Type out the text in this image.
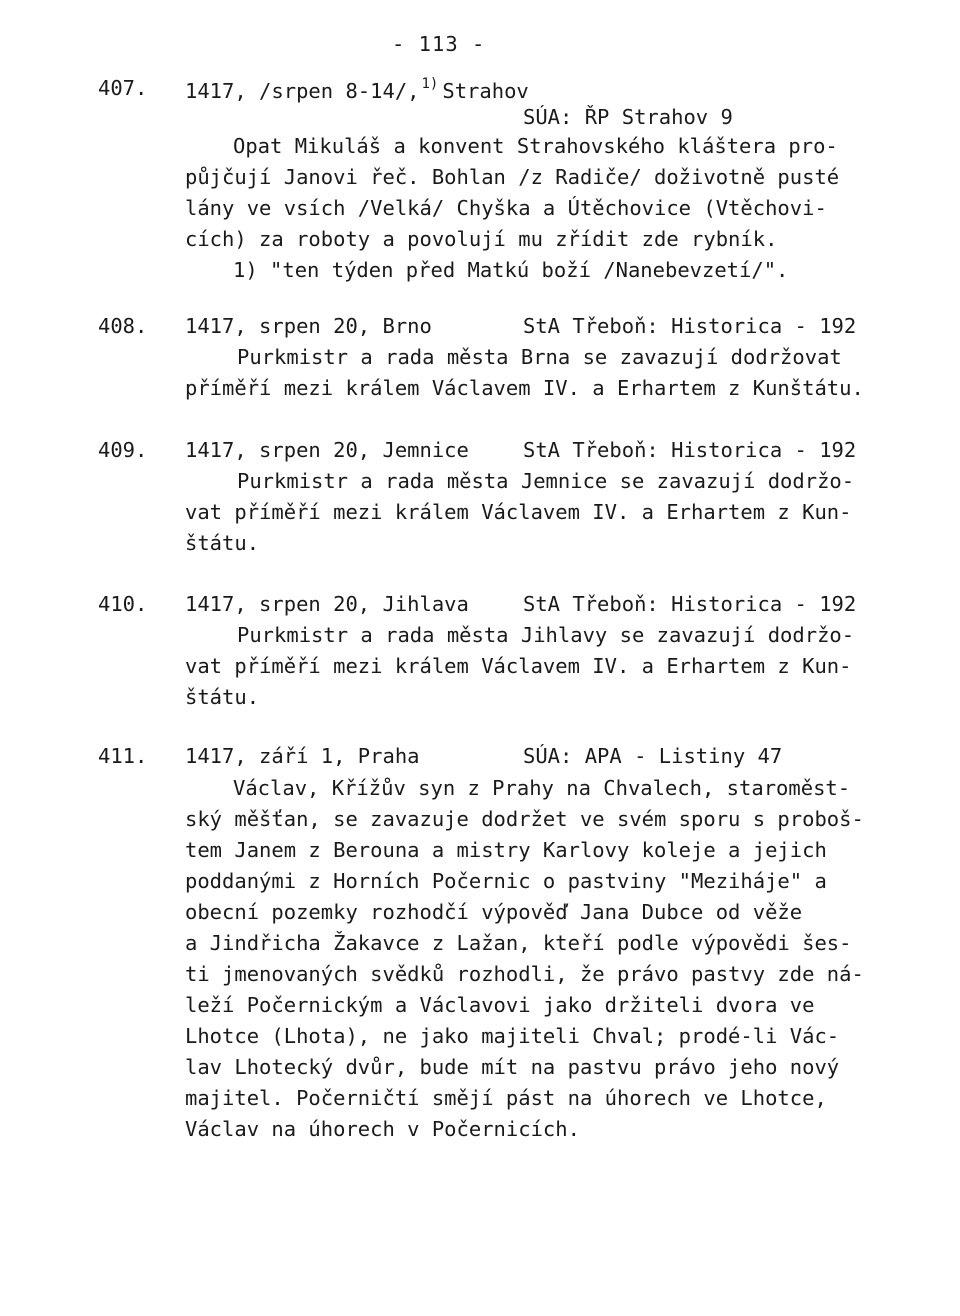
- 113 -
407. 1417, /srpen 8-14/, $^{1)}$ Strahov
SÚA: ŘP Strahov 9
Opat Mikuláš a konvent Strahovského kláštera pro-
půjčují Janovi řeč. Bohlan /z Radiče/ doživotně pusté
lány ve vsích /Velká/ Chyška a Útěchovice (Vtěchovi-
cích) za roboty a povolují mu zřídit zde rybník.
1) "ten týden před Matkú boží /Nanebevzetí/".
408. 1417, srpen 20, Brno	StA Třeboň: Historica - 192
Purkmistr a rada města Brna se zavazují dodržovat
příměří mezi králem Václavem IV. a Erhartem z Kunštátu.
409. 1417, srpen 20, Jemnice	StA Třeboň: Historica - 192
Purkmistr a rada města Jemnice se zavazují dodržo-
vat příměří mezi králem Václavem IV. a Erhartem z Kun-
štátu.
410. 1417, srpen 20, Jihlava	StA Třeboň: Historica - 192
Purkmistr a rada města Jihlavy se zavazují dodržo-
vat příměří mezi králem Václavem IV. a Erhartem z Kun-
štátu.
411. 1417, září 1, Praha	SÚA: APA - Listiny 47
Václav, Křížův syn z Prahy na Chvalech, staroměst-
ský měšťan, se zavazuje dodržet ve svém sporu s proboš-
tem Janem z Berouna a mistry Karlovy koleje a jejich
poddanými z Horních Počernic o pastviny "Meziháje" a
obecní pozemky rozhodčí výpověď Jana Dubce od věže
a Jindřicha Žakavce z Lažan, kteří podle výpovědi šes-
ti jmenovaných svědků rozhodli, že právo pastvy zde ná-
leží Počernickým a Václavovi jako držiteli dvora ve
Lhotce (Lhota), ne jako majiteli Chval; prodé-li Vác-
lav Lhotecký dvůr, bude mít na pastvu právo jeho nový
majitel. Počerničtí smějí pást na úhorech ve Lhotce,
Václav na úhorech v Počernicích.
